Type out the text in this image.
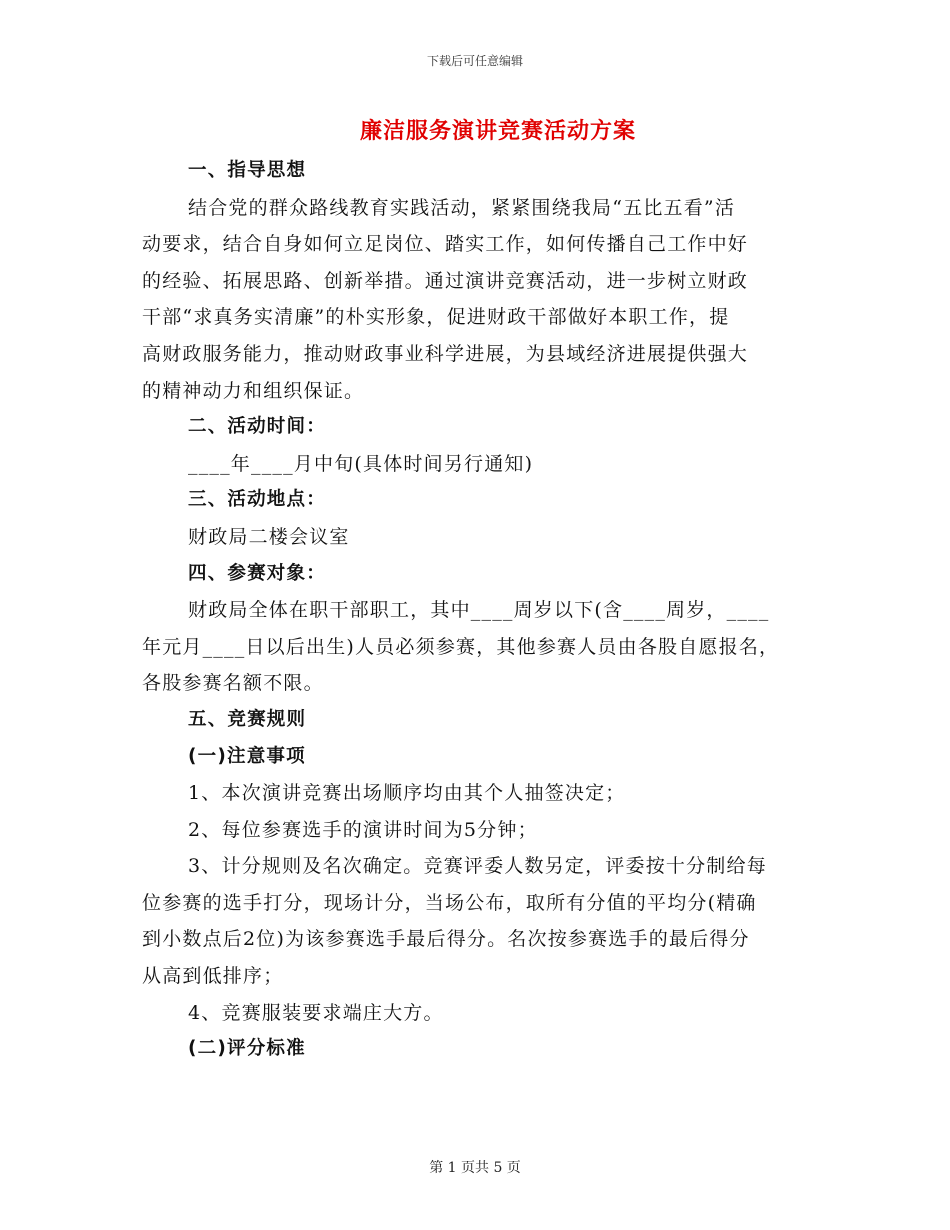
下载后可任意编辑
廉洁服务演讲竞赛活动方案

一、指导思想

结合党的群众路线教育实践活动，紧紧围绕我局“五比五看”活

动要求，结合自身如何立足岗位、踏实工作，如何传播自己工作中好

的经验、拓展思路、创新举措。通过演讲竞赛活动，进一步树立财政

干部“求真务实清廉”的朴实形象，促进财政干部做好本职工作，提

高财政服务能力，推动财政事业科学进展，为县域经济进展提供强大

的精神动力和组织保证。

二、活动时间：

____年____月中旬(具体时间另行通知)

三、活动地点：

财政局二楼会议室

四、参赛对象：

财政局全体在职干部职工，其中____周岁以下(含____周岁，____

年元月____日以后出生)人员必须参赛，其他参赛人员由各股自愿报名，

各股参赛名额不限。

五、竞赛规则

(一)注意事项

1、本次演讲竞赛出场顺序均由其个人抽签决定；

2、每位参赛选手的演讲时间为5分钟；

3、计分规则及名次确定。竞赛评委人数另定，评委按十分制给每

位参赛的选手打分，现场计分，当场公布，取所有分值的平均分(精确

到小数点后2位)为该参赛选手最后得分。名次按参赛选手的最后得分

从高到低排序；

4、竞赛服装要求端庄大方。

(二)评分标准

第 1 页共 5 页
